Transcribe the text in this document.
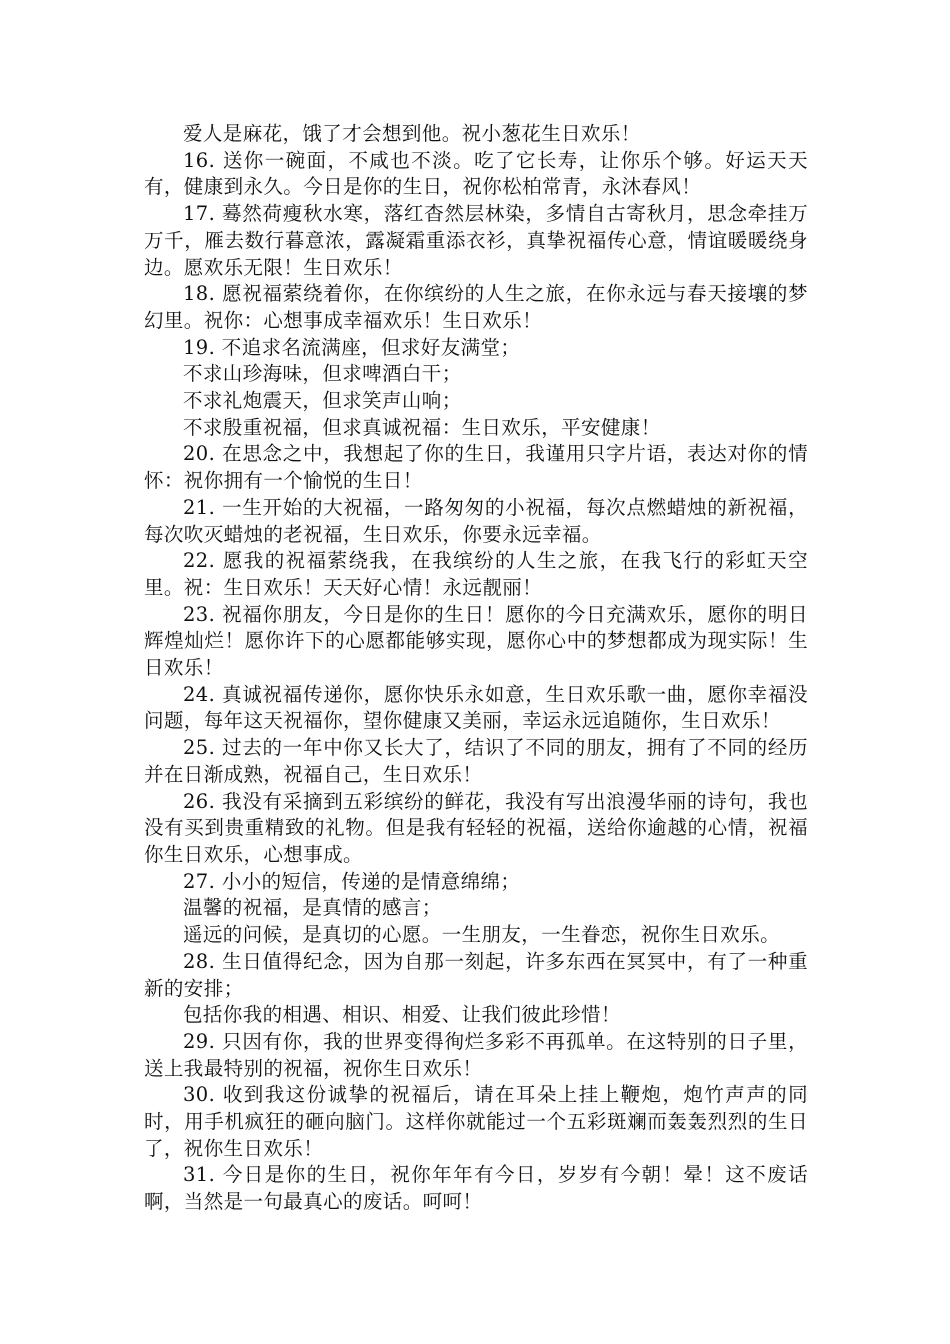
爱人是麻花，饿了才会想到他。祝小葱花生日欢乐！

16. 送你一碗面，不咸也不淡。吃了它长寿，让你乐个够。好运天天有，健康到永久。今日是你的生日，祝你松柏常青，永沐春风！

17. 蓦然荷瘦秋水寒，落红杳然层林染，多情自古寄秋月，思念牵挂万万千，雁去数行暮意浓，露凝霜重添衣衫，真挚祝福传心意，情谊暖暖绕身边。愿欢乐无限！生日欢乐！

18. 愿祝福萦绕着你，在你缤纷的人生之旅，在你永远与春天接壤的梦幻里。祝你：心想事成幸福欢乐！生日欢乐！

19. 不追求名流满座，但求好友满堂；

不求山珍海味，但求啤酒白干；

不求礼炮震天，但求笑声山响；

不求殷重祝福，但求真诚祝福：生日欢乐，平安健康！

20. 在思念之中，我想起了你的生日，我谨用只字片语，表达对你的情怀：祝你拥有一个愉悦的生日！

21. 一生开始的大祝福，一路匆匆的小祝福，每次点燃蜡烛的新祝福，每次吹灭蜡烛的老祝福，生日欢乐，你要永远幸福。

22. 愿我的祝福萦绕我，在我缤纷的人生之旅，在我飞行的彩虹天空里。祝：生日欢乐！天天好心情！永远靓丽！

23. 祝福你朋友，今日是你的生日！愿你的今日充满欢乐，愿你的明日辉煌灿烂！愿你许下的心愿都能够实现，愿你心中的梦想都成为现实际！生日欢乐！

24. 真诚祝福传递你，愿你快乐永如意，生日欢乐歌一曲，愿你幸福没问题，每年这天祝福你，望你健康又美丽，幸运永远追随你，生日欢乐！

25. 过去的一年中你又长大了，结识了不同的朋友，拥有了不同的经历并在日渐成熟，祝福自己，生日欢乐！

26. 我没有采摘到五彩缤纷的鲜花，我没有写出浪漫华丽的诗句，我也没有买到贵重精致的礼物。但是我有轻轻的祝福，送给你逾越的心情，祝福你生日欢乐，心想事成。

27. 小小的短信，传递的是情意绵绵；

温馨的祝福，是真情的感言；

遥远的问候，是真切的心愿。一生朋友，一生眷恋，祝你生日欢乐。

28. 生日值得纪念，因为自那一刻起，许多东西在冥冥中，有了一种重新的安排；

包括你我的相遇、相识、相爱、让我们彼此珍惜！

29. 只因有你，我的世界变得徇烂多彩不再孤单。在这特别的日子里，送上我最特别的祝福，祝你生日欢乐！

30. 收到我这份诚挚的祝福后，请在耳朵上挂上鞭炮，炮竹声声的同时，用手机疯狂的砸向脑门。这样你就能过一个五彩斑斓而轰轰烈烈的生日了，祝你生日欢乐！

31. 今日是你的生日，祝你年年有今日，岁岁有今朝！晕！这不废话啊，当然是一句最真心的废话。呵呵！
